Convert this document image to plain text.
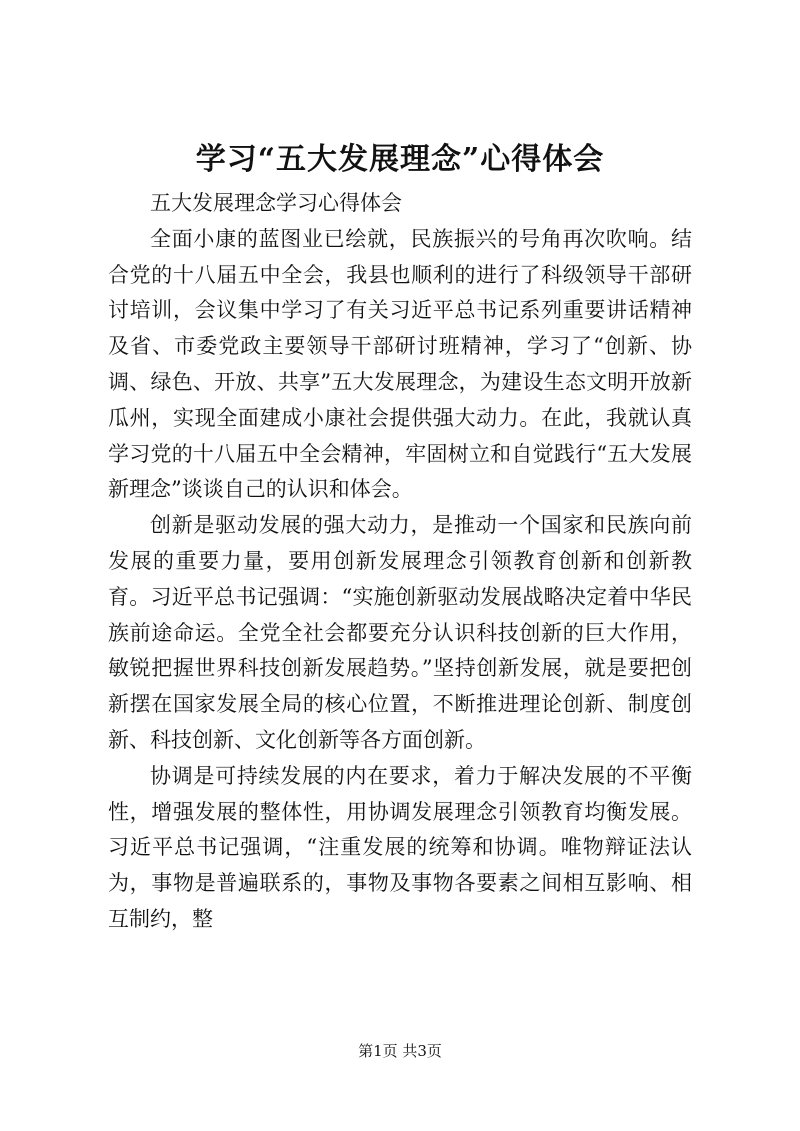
学习“五大发展理念”心得体会

五大发展理念学习心得体会

全面小康的蓝图业已绘就，民族振兴的号角再次吹响。结合党的十八届五中全会，我县也顺利的进行了科级领导干部研讨培训，会议集中学习了有关习近平总书记系列重要讲话精神及省、市委党政主要领导干部研讨班精神，学习了“创新、协调、绿色、开放、共享”五大发展理念，为建设生态文明开放新瓜州，实现全面建成小康社会提供强大动力。在此，我就认真学习党的十八届五中全会精神，牢固树立和自觉践行“五大发展新理念”谈谈自己的认识和体会。

创新是驱动发展的强大动力，是推动一个国家和民族向前发展的重要力量，要用创新发展理念引领教育创新和创新教育。习近平总书记强调：“实施创新驱动发展战略决定着中华民族前途命运。全党全社会都要充分认识科技创新的巨大作用，敏锐把握世界科技创新发展趋势。”坚持创新发展，就是要把创新摆在国家发展全局的核心位置，不断推进理论创新、制度创新、科技创新、文化创新等各方面创新。

协调是可持续发展的内在要求，着力于解决发展的不平衡性，增强发展的整体性，用协调发展理念引领教育均衡发展。习近平总书记强调，“注重发展的统筹和协调。唯物辩证法认为，事物是普遍联系的，事物及事物各要素之间相互影响、相互制约，整

第1页 共3页
